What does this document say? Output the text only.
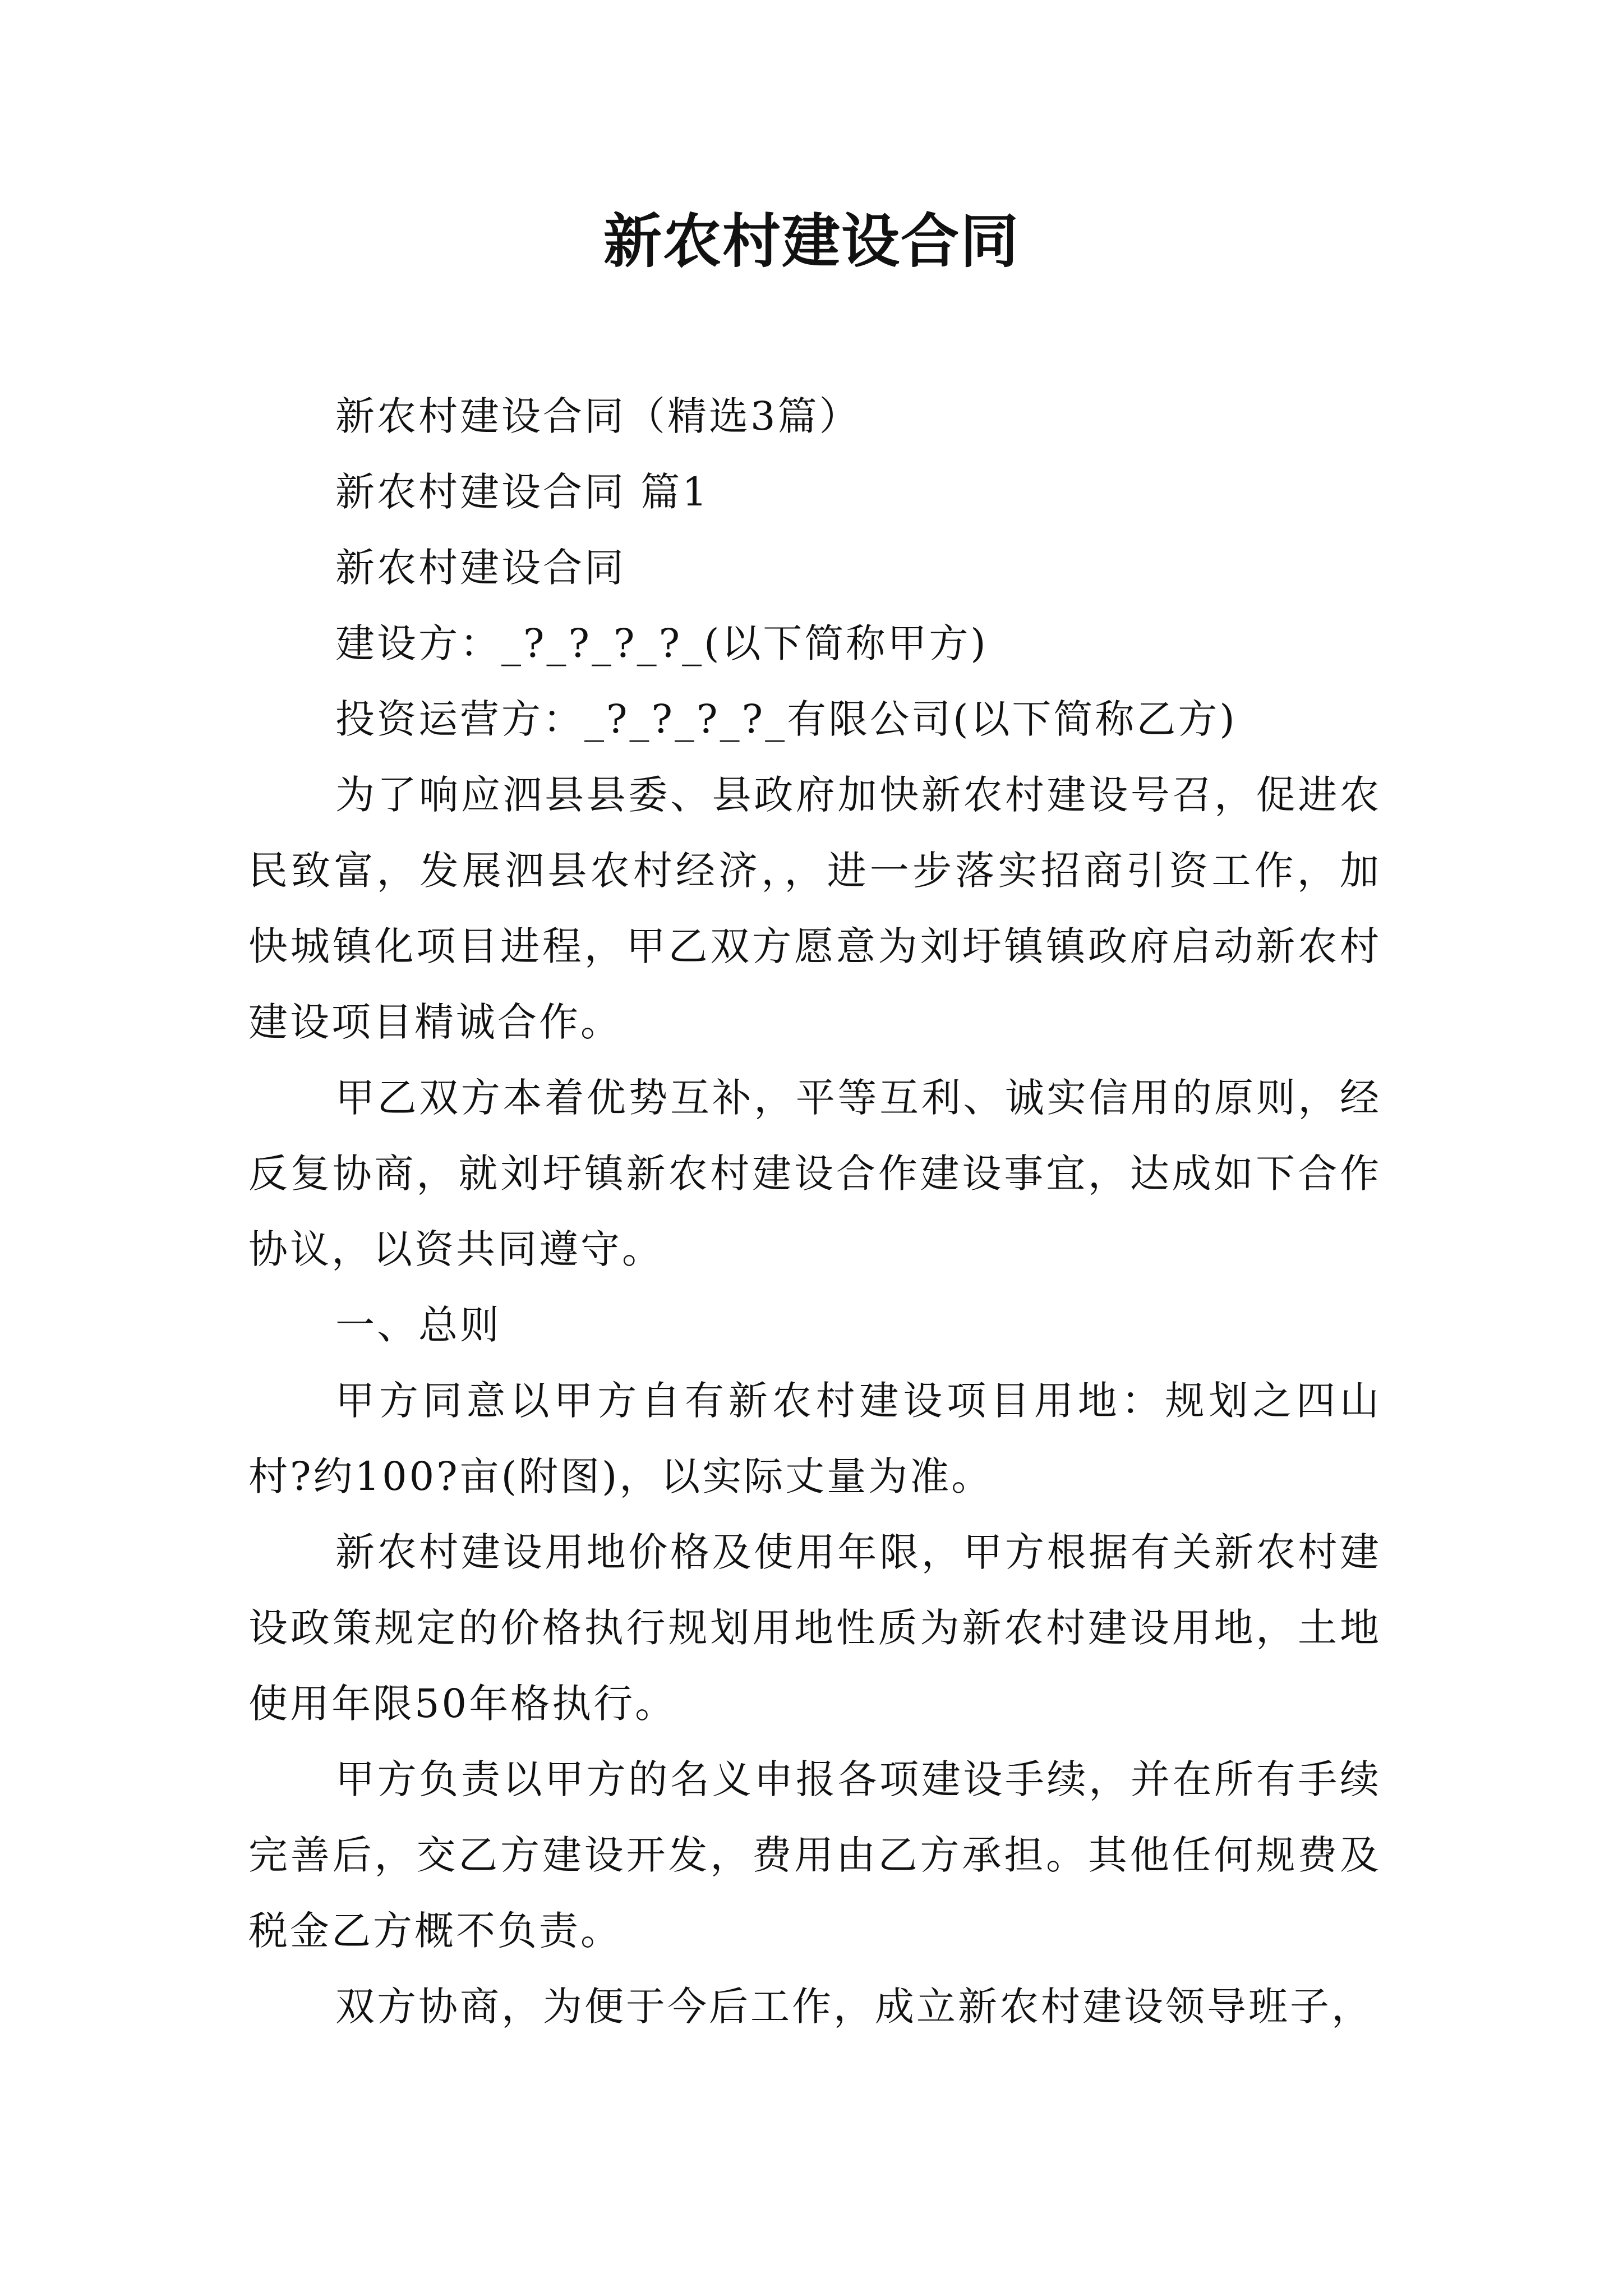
新农村建设合同

新农村建设合同（精选3篇）

新农村建设合同 篇1

新农村建设合同

建设方：_?_?_?_?_(以下简称甲方)

投资运营方：_?_?_?_?_有限公司(以下简称乙方)

为了响应泗县县委、县政府加快新农村建设号召，促进农民致富，发展泗县农村经济，，进一步落实招商引资工作，加快城镇化项目进程，甲乙双方愿意为刘圩镇镇政府启动新农村建设项目精诚合作。

甲乙双方本着优势互补，平等互利、诚实信用的原则，经反复协商，就刘圩镇新农村建设合作建设事宜，达成如下合作协议，以资共同遵守。

一、总则

甲方同意以甲方自有新农村建设项目用地：规划之四山村?约100?亩(附图)，以实际丈量为准。

新农村建设用地价格及使用年限，甲方根据有关新农村建设政策规定的价格执行规划用地性质为新农村建设用地，土地使用年限50年格执行。

甲方负责以甲方的名义申报各项建设手续，并在所有手续完善后，交乙方建设开发，费用由乙方承担。其他任何规费及税金乙方概不负责。

双方协商，为便于今后工作，成立新农村建设领导班子，
